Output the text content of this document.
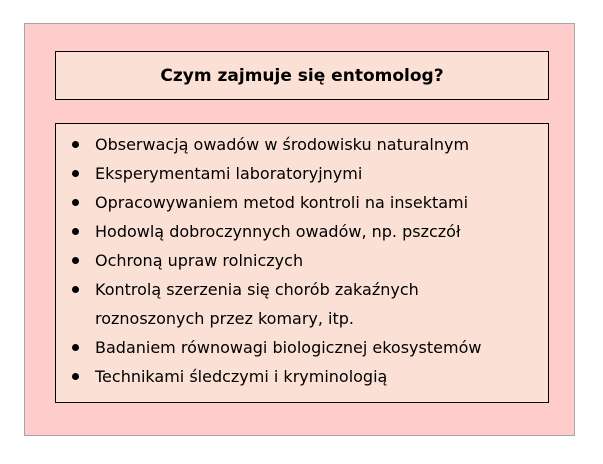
Czym zajmuje się entomolog?
Obserwacją owadów w środowisku naturalnym
Eksperymentami laboratoryjnymi
Opracowywaniem metod kontroli na insektami
Hodowlą dobroczynnych owadów, np. pszczół
Ochroną upraw rolniczych
Kontrolą szerzenia się chorób zakaźnych
roznoszonych przez komary, itp.
Badaniem równowagi biologicznej ekosystemów
Technikami śledczymi i kryminologią
